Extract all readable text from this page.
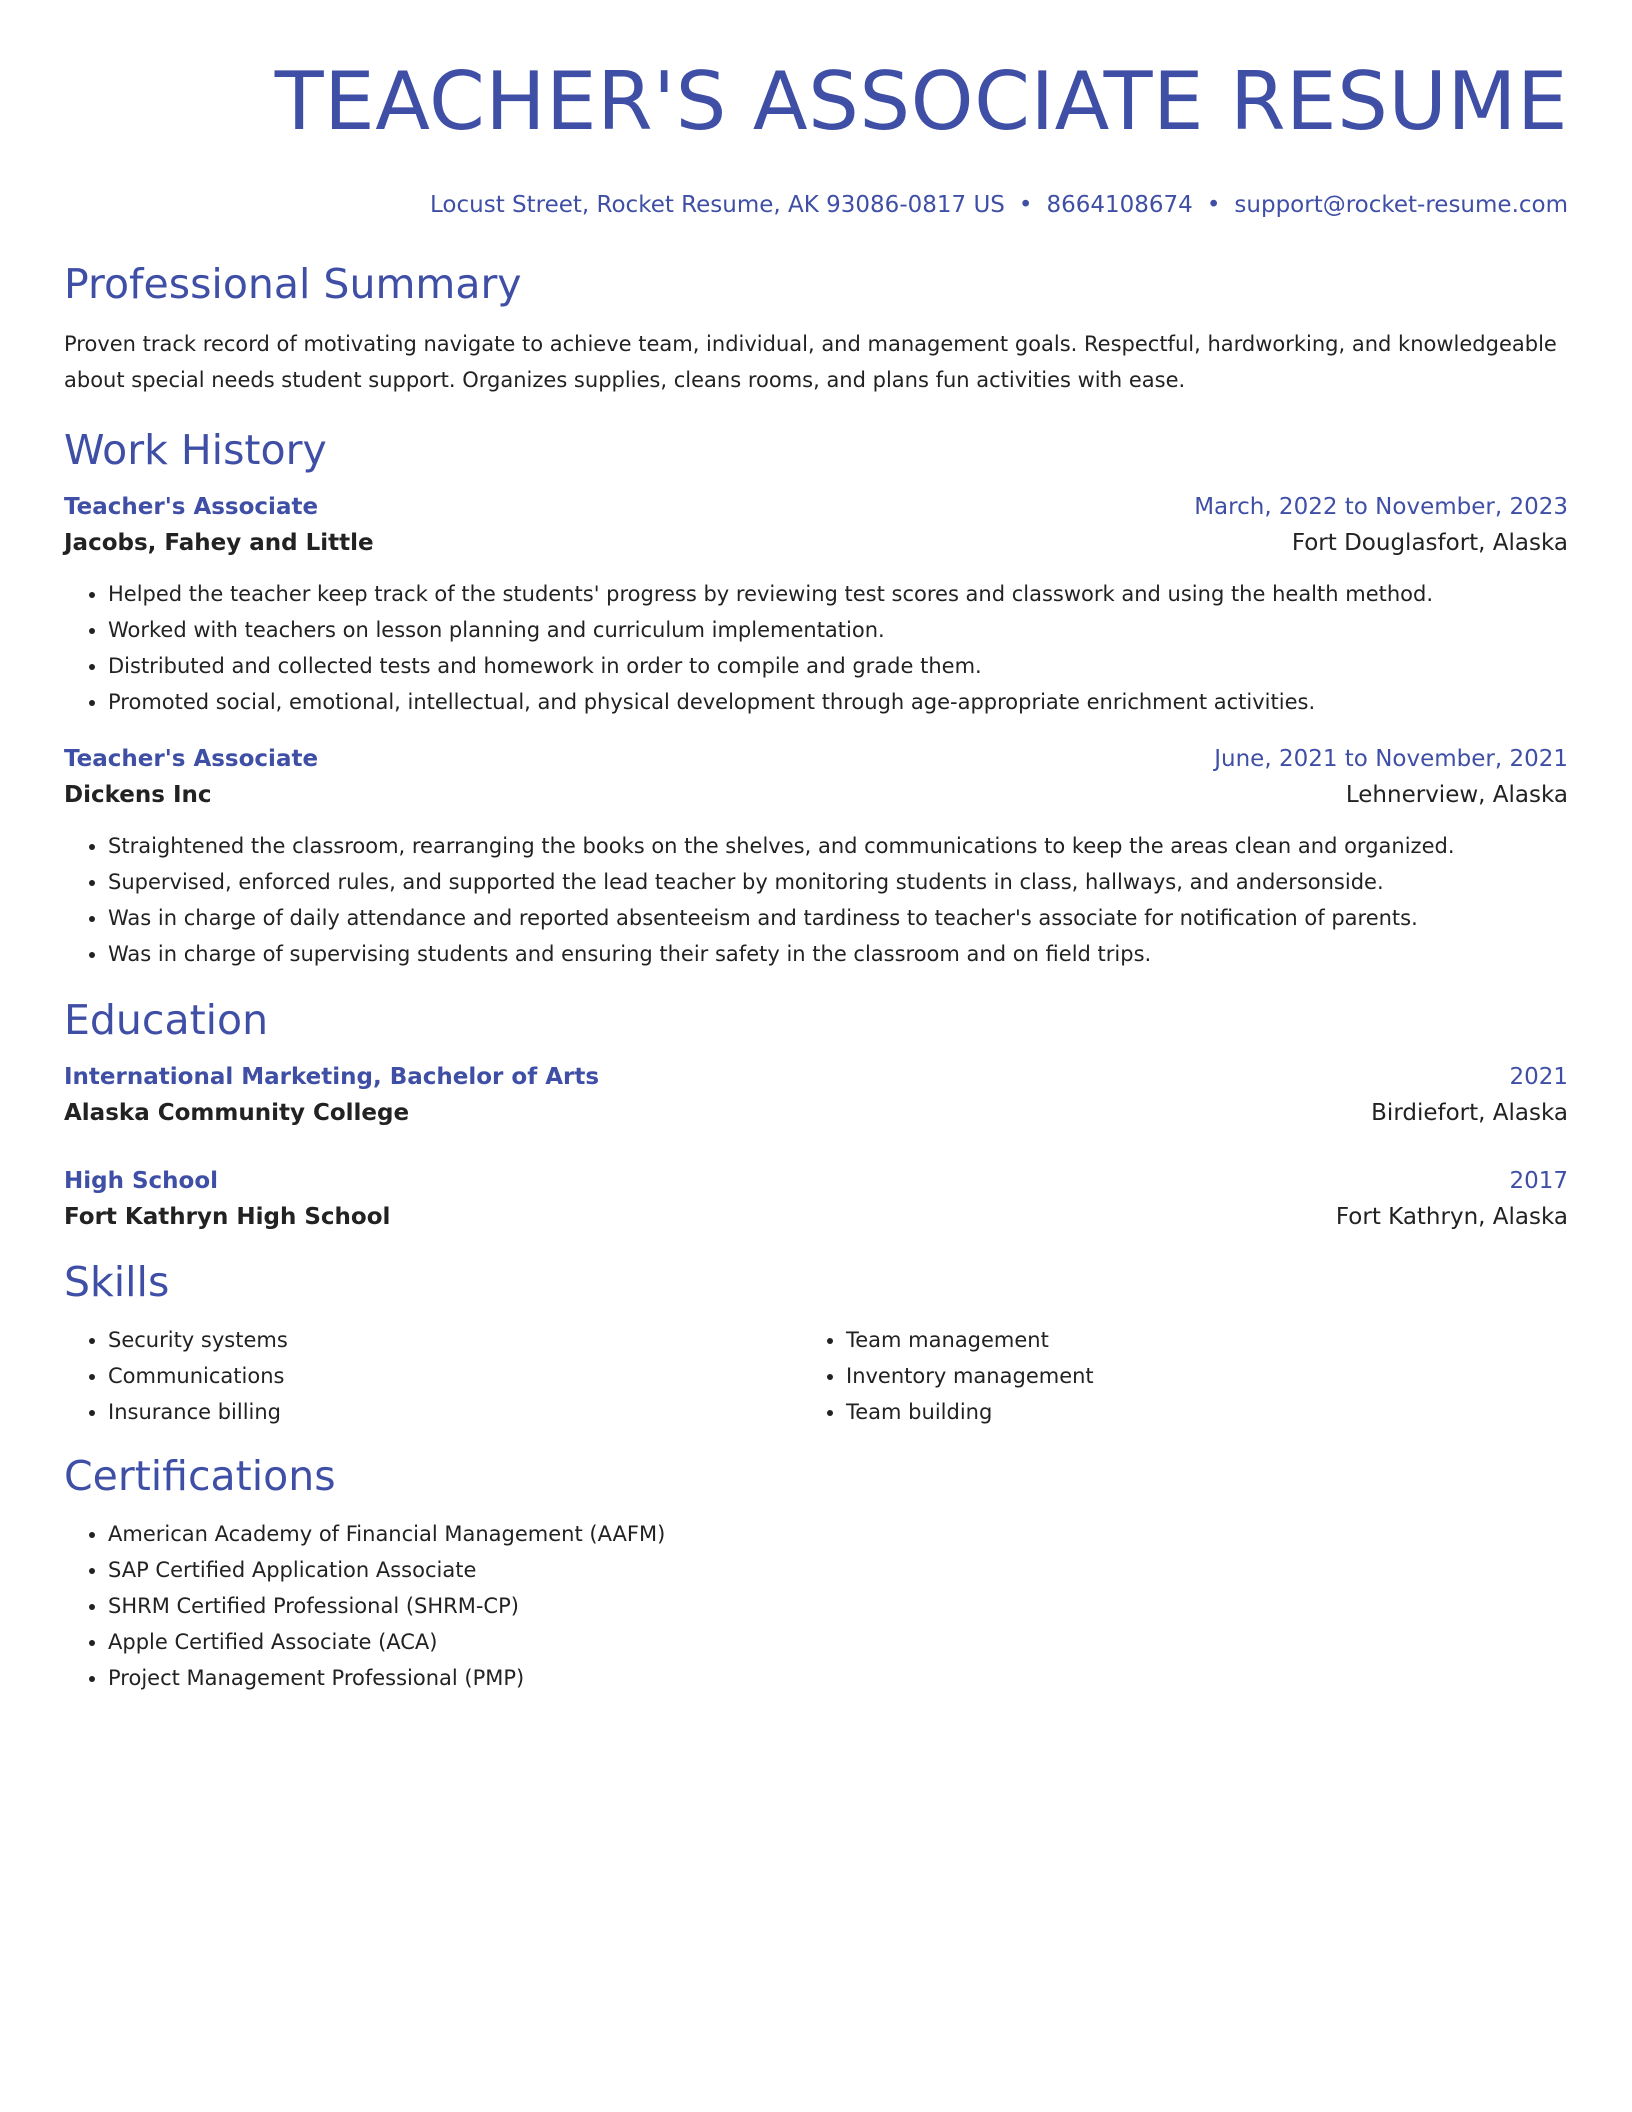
TEACHER'S ASSOCIATE RESUME
Locust Street, Rocket Resume, AK 93086-0817 US • 8664108674 • support@rocket-resume.com
Professional Summary

Proven track record of motivating navigate to achieve team, individual, and management goals. Respectful, hardworking, and knowledgeable about special needs student support. Organizes supplies, cleans rooms, and plans fun activities with ease.

Work History
Teacher's Associate	March, 2022 to November, 2023
Jacobs, Fahey and Little	Fort Douglasfort, Alaska
• Helped the teacher keep track of the students' progress by reviewing test scores and classwork and using the health method.
• Worked with teachers on lesson planning and curriculum implementation.
• Distributed and collected tests and homework in order to compile and grade them.
• Promoted social, emotional, intellectual, and physical development through age-appropriate enrichment activities.
Teacher's Associate	June, 2021 to November, 2021
Dickens Inc	Lehnerview, Alaska
• Straightened the classroom, rearranging the books on the shelves, and communications to keep the areas clean and organized.
• Supervised, enforced rules, and supported the lead teacher by monitoring students in class, hallways, and andersonside.
• Was in charge of daily attendance and reported absenteeism and tardiness to teacher's associate for notification of parents.
• Was in charge of supervising students and ensuring their safety in the classroom and on field trips.
Education
International Marketing, Bachelor of Arts	2021
Alaska Community College	Birdiefort, Alaska
High School	2017
Fort Kathryn High School	Fort Kathryn, Alaska
Skills
• Security systems
• Communications
• Insurance billing
• Team management
• Inventory management
• Team building
Certifications
• American Academy of Financial Management (AAFM)
• SAP Certified Application Associate
• SHRM Certified Professional (SHRM-CP)
• Apple Certified Associate (ACA)
• Project Management Professional (PMP)
